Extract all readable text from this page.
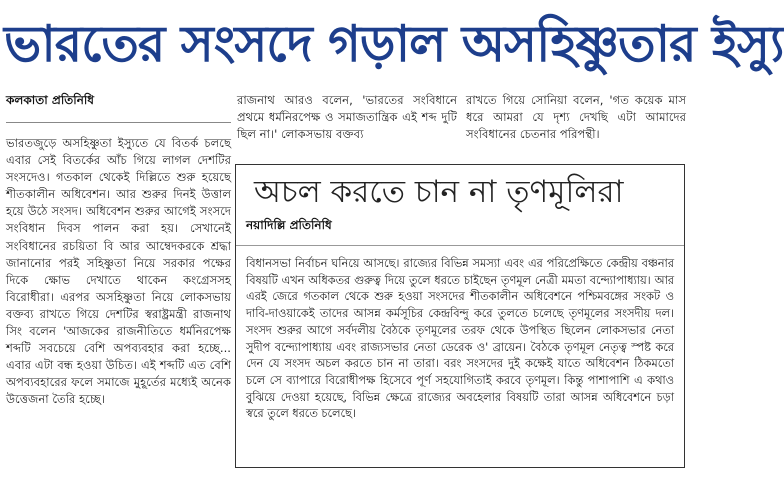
ভারতের সংসদে গড়াল অসহিষ্ণুতার ইস্যু
কলকাতা প্রতিনিধি

ভারতজুড়ে অসহিষ্ণুতা ইস্যুতে যে বিতর্ক চলছে এবার সেই বিতর্কের আঁচ গিয়ে লাগল দেশটির সংসদেও। গতকাল থেকেই দিল্লিতে শুরু হয়েছে শীতকালীন অধিবেশন। আর শুরুর দিনই উত্তাল হয়ে উঠে সংসদ। অধিবেশন শুরুর আগেই সংসদে সংবিধান দিবস পালন করা হয়। সেখানেই সংবিধানের রচয়িতা বি আর আম্বেদকরকে শ্রদ্ধা জানানোর পরই সহিষ্ণুতা নিয়ে সরকার পক্ষের দিকে ক্ষোভ দেখাতে থাকেন কংগ্রেসসহ বিরোধীরা। এরপর অসহিষ্ণুতা নিয়ে লোকসভায় বক্তব্য রাখতে গিয়ে দেশটির স্বরাষ্ট্রমন্ত্রী রাজনাথ সিং বলেন 'আজকের রাজনীতিতে ধর্মনিরপেক্ষ শব্দটি সবচেয়ে বেশি অপব্যবহার করা হচ্ছে... এবার এটা বন্ধ হওয়া উচিত। এই শব্দটি এত বেশি অপব্যবহারের ফলে সমাজে মুহূর্তের মধ্যেই অনেক উত্তেজনা তৈরি হচ্ছে।

রাজনাথ আরও বলেন, 'ভারতের সংবিধানে প্রথমে ধর্মনিরপেক্ষ ও সমাজতান্ত্রিক এই শব্দ দুটি ছিল না।' লোকসভায় বক্তব্য

রাখতে গিয়ে সোনিয়া বলেন, 'গত কয়েক মাস ধরে আমরা যে দৃশ্য দেখছি এটা আমাদের সংবিধানের চেতনার পরিপন্থী।

অচল করতে চান না তৃণমূলিরা
নয়াদিল্লি প্রতিনিধি

বিধানসভা নির্বাচন ঘনিয়ে আসছে। রাজ্যের বিভিন্ন সমস্যা এবং এর পরিপ্রেক্ষিতে কেন্দ্রীয় বঞ্চনার বিষয়টি এখন অধিকতর গুরুত্ব দিয়ে তুলে ধরতে চাইছেন তৃণমূল নেত্রী মমতা বন্দ্যোপাধ্যায়। আর এরই জেরে গতকাল থেকে শুরু হওয়া সংসদের শীতকালীন অধিবেশনে পশ্চিমবঙ্গের সংকট ও দাবি-দাওয়াকেই তাদের আসন্ন কর্মসূচির কেন্দ্রবিন্দু করে তুলতে চলেছে তৃণমূলের সংসদীয় দল। সংসদ শুরুর আগে সর্বদলীয় বৈঠকে তৃণমূলের তরফ থেকে উপস্থিত ছিলেন লোকসভার নেতা সুদীপ বন্দ্যোপাধ্যায় এবং রাজ্যসভার নেতা ডেরেক ও' ব্রায়েন। বৈঠকে তৃণমূল নেতৃত্ব স্পষ্ট করে দেন যে সংসদ অচল করতে চান না তারা। বরং সংসদের দুই কক্ষেই যাতে অধিবেশন ঠিকমতো চলে সে ব্যাপারে বিরোধীপক্ষ হিসেবে পূর্ণ সহযোগিতাই করবে তৃণমূল। কিন্তু পাশাপাশি এ কথাও বুঝিয়ে দেওয়া হয়েছে, বিভিন্ন ক্ষেত্রে রাজ্যের অবহেলার বিষয়টি তারা আসন্ন অধিবেশনে চড়া স্বরে তুলে ধরতে চলেছে।
